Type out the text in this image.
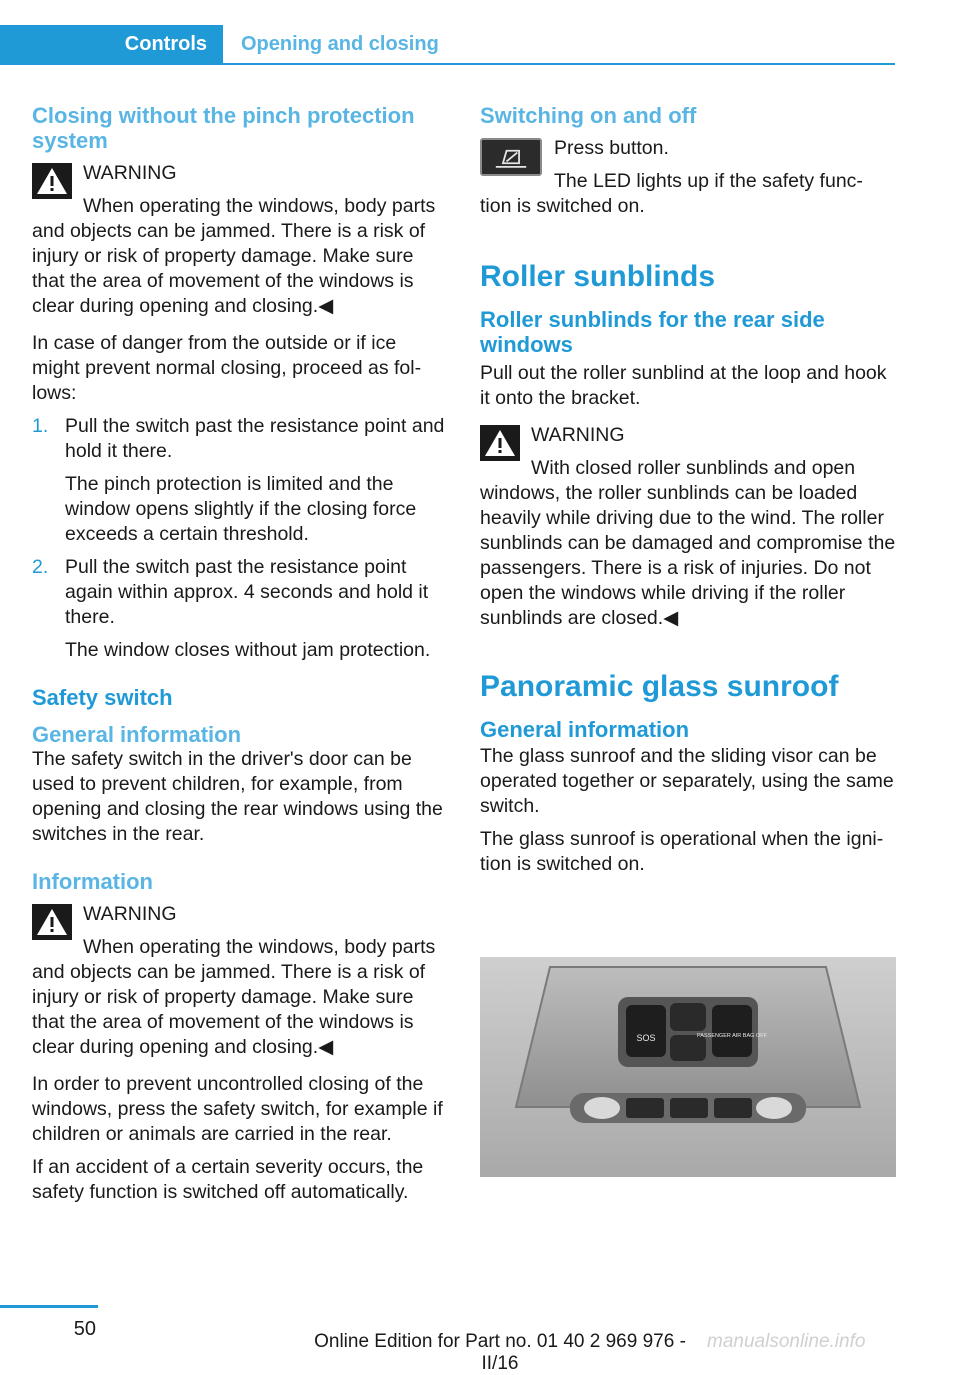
Controls Opening and closing
Closing without the pinch protection system
WARNING
When operating the windows, body parts
and objects can be jammed. There is a risk of injury or risk of property damage. Make sure that the area of movement of the windows is clear during opening and closing.◀

In case of danger from the outside or if ice might prevent normal closing, proceed as fol‐ lows:

1. Pull the switch past the resistance point and hold it there.
The pinch protection is limited and the window opens slightly if the closing force exceeds a certain threshold.
2. Pull the switch past the resistance point again within approx. 4 seconds and hold it there.
The window closes without jam protection.
Safety switch
General information

The safety switch in the driver's door can be used to prevent children, for example, from opening and closing the rear windows using the switches in the rear.

Information
WARNING
When operating the windows, body parts
and objects can be jammed. There is a risk of injury or risk of property damage. Make sure that the area of movement of the windows is clear during opening and closing.◀

In order to prevent uncontrolled closing of the windows, press the safety switch, for example if children or animals are carried in the rear.

If an accident of a certain severity occurs, the safety function is switched off automatically.

Switching on and off
Press button.
The LED lights up if the safety func‐
tion is switched on.
Roller sunblinds
Roller sunblinds for the rear side windows

Pull out the roller sunblind at the loop and hook it onto the bracket.

WARNING
With closed roller sunblinds and open
windows, the roller sunblinds can be loaded heavily while driving due to the wind. The roller sunblinds can be damaged and compromise the passengers. There is a risk of injuries. Do not open the windows while driving if the roller sunblinds are closed.◀
Panoramic glass sunroof
General information

The glass sunroof and the sliding visor can be operated together or separately, using the same switch.

The glass sunroof is operational when the igni‐ tion is switched on.

SOS	PASSENGER AIR BAG OFF
50
Online Edition for Part no. 01 40 2 969 976 - II/16
manualsonline.info
